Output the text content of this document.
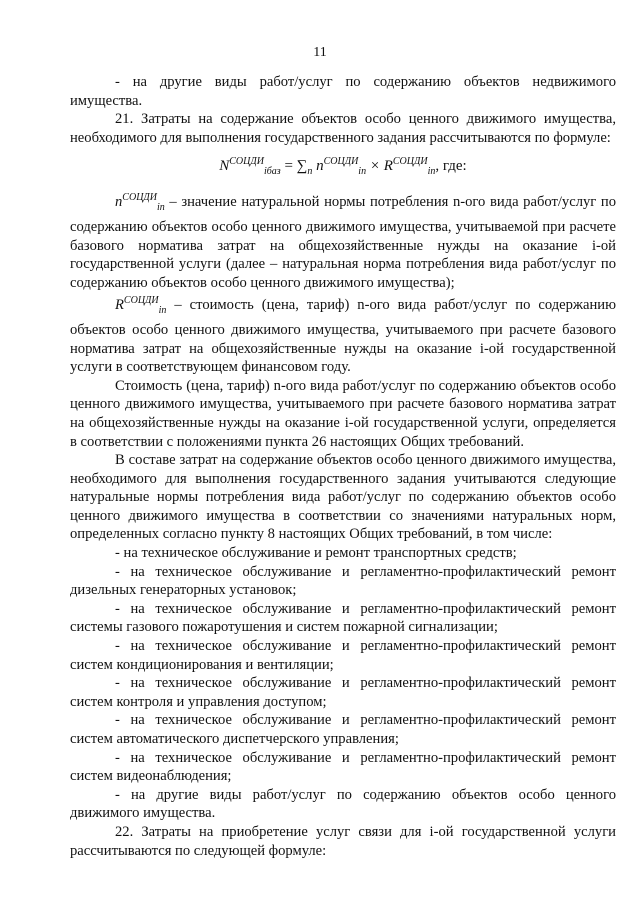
11

- на другие виды работ/услуг по содержанию объектов недвижимого имущества.

21. Затраты на содержание объектов особо ценного движимого имущества, необходимого для выполнения государственного задания рассчитываются по формуле:

$N^{СОЦДИ}_{iбаз} = \sum_n$ $n^{СОЦДИ}_{in} \times R^{СОЦДИ}_{in}$, где:

$n^{СОЦДИ}_{in}$ – значение натуральной нормы потребления n-ого вида работ/услуг по содержанию объектов особо ценного движимого имущества, учитываемой при расчете базового норматива затрат на общехозяйственные нужды на оказание i-ой государственной услуги (далее – натуральная норма потребления вида работ/услуг по содержанию объектов особо ценного движимого имущества);

$R^{СОЦДИ}_{in}$ – стоимость (цена, тариф) n-ого вида работ/услуг по содержанию объектов особо ценного движимого имущества, учитываемого при расчете базового норматива затрат на общехозяйственные нужды на оказание i-ой государственной услуги в соответствующем финансовом году.

Стоимость (цена, тариф) n-ого вида работ/услуг по содержанию объектов особо ценного движимого имущества, учитываемого при расчете базового норматива затрат на общехозяйственные нужды на оказание i-ой государственной услуги, определяется в соответствии с положениями пункта 26 настоящих Общих требований.

В составе затрат на содержание объектов особо ценного движимого имущества, необходимого для выполнения государственного задания учитываются следующие натуральные нормы потребления вида работ/услуг по содержанию объектов особо ценного движимого имущества в соответствии со значениями натуральных норм, определенных согласно пункту 8 настоящих Общих требований, в том числе:

- на техническое обслуживание и ремонт транспортных средств;

- на техническое обслуживание и регламентно-профилактический ремонт дизельных генераторных установок;

- на техническое обслуживание и регламентно-профилактический ремонт системы газового пожаротушения и систем пожарной сигнализации;

- на техническое обслуживание и регламентно-профилактический ремонт систем кондиционирования и вентиляции;

- на техническое обслуживание и регламентно-профилактический ремонт систем контроля и управления доступом;

- на техническое обслуживание и регламентно-профилактический ремонт систем автоматического диспетчерского управления;

- на техническое обслуживание и регламентно-профилактический ремонт систем видеонаблюдения;

- на другие виды работ/услуг по содержанию объектов особо ценного движимого имущества.

22. Затраты на приобретение услуг связи для i-ой государственной услуги рассчитываются по следующей формуле:
